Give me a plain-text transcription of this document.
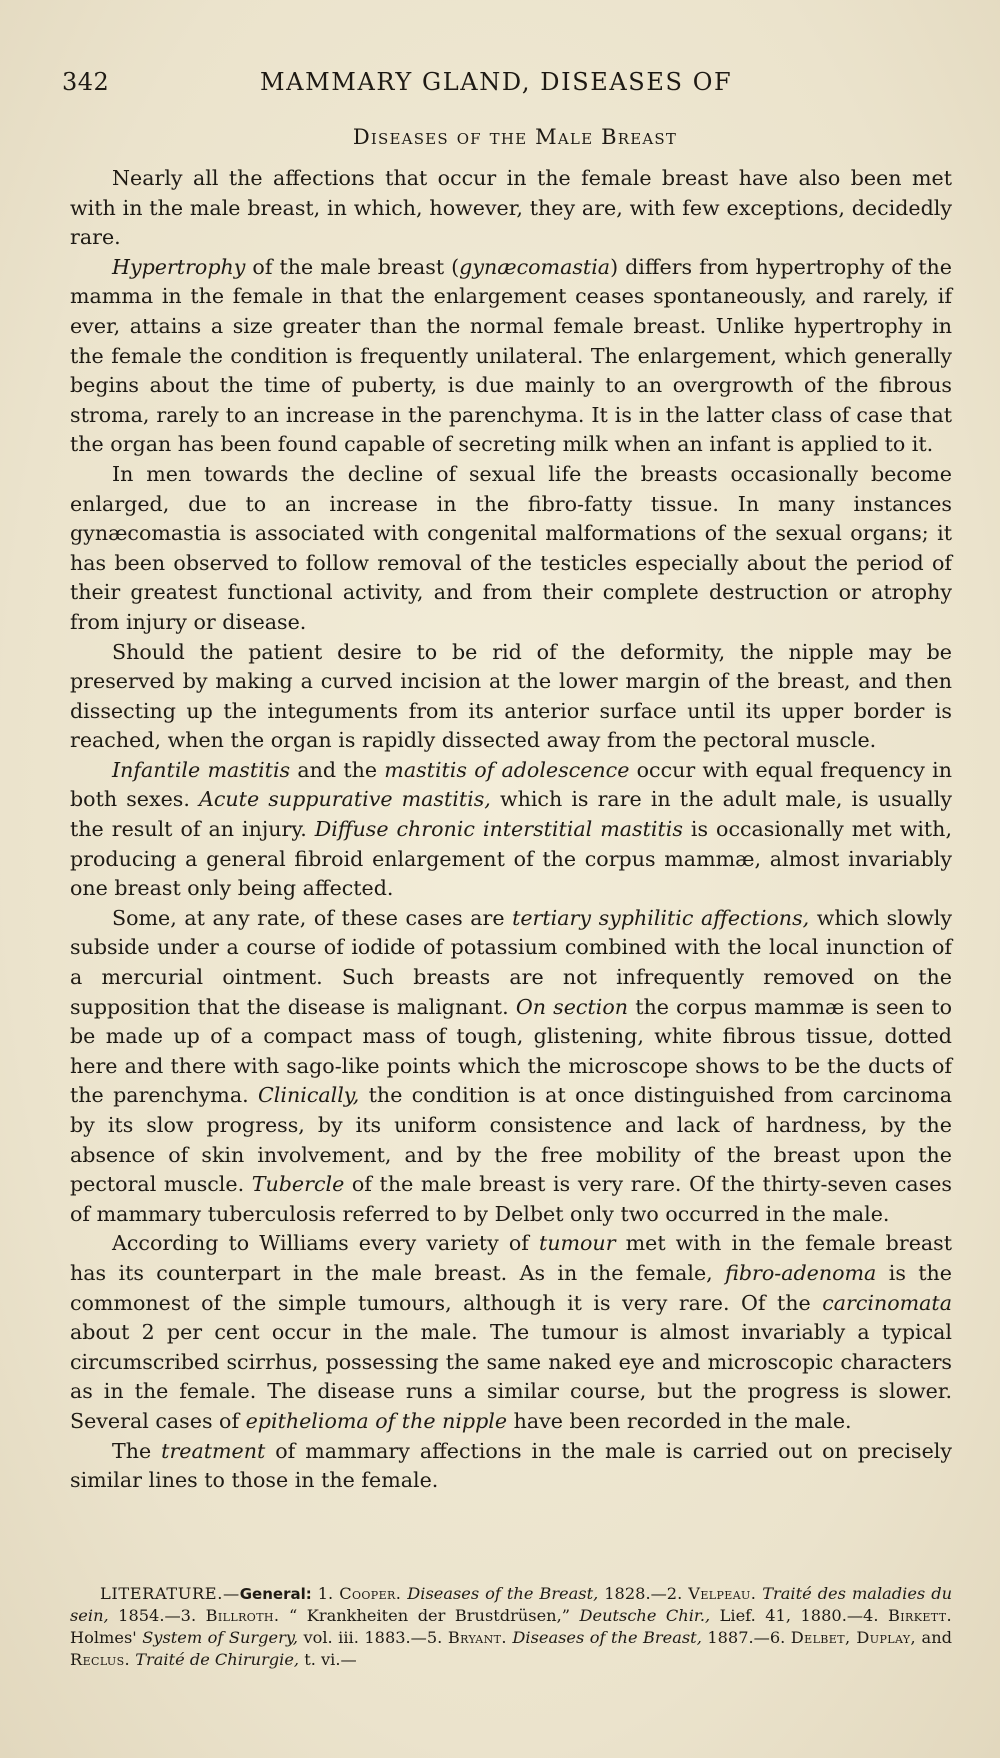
342	MAMMARY GLAND, DISEASES OF
Diseases of the Male Breast

Nearly all the affections that occur in the female breast have also been met with in the male breast, in which, however, they are, with few exceptions, decidedly rare.

Hypertrophy of the male breast (gynæcomastia) differs from hypertrophy of the mamma in the female in that the enlargement ceases spontaneously, and rarely, if ever, attains a size greater than the normal female breast. Unlike hypertrophy in the female the condition is frequently unilateral. The enlargement, which generally begins about the time of puberty, is due mainly to an overgrowth of the fibrous stroma, rarely to an increase in the parenchyma. It is in the latter class of case that the organ has been found capable of secreting milk when an infant is applied to it.

In men towards the decline of sexual life the breasts occasionally become enlarged, due to an increase in the fibro-fatty tissue. In many instances gynæcomastia is associated with congenital malformations of the sexual organs; it has been observed to follow removal of the testicles especially about the period of their greatest functional activity, and from their complete destruction or atrophy from injury or disease.

Should the patient desire to be rid of the deformity, the nipple may be preserved by making a curved incision at the lower margin of the breast, and then dissecting up the integuments from its anterior surface until its upper border is reached, when the organ is rapidly dissected away from the pectoral muscle.

Infantile mastitis and the mastitis of adolescence occur with equal frequency in both sexes. Acute suppurative mastitis, which is rare in the adult male, is usually the result of an injury. Diffuse chronic interstitial mastitis is occasionally met with, producing a general fibroid enlargement of the corpus mammæ, almost invariably one breast only being affected.

Some, at any rate, of these cases are tertiary syphilitic affections, which slowly subside under a course of iodide of potassium combined with the local inunction of a mercurial ointment. Such breasts are not infrequently removed on the supposition that the disease is malignant. On section the corpus mammæ is seen to be made up of a compact mass of tough, glistening, white fibrous tissue, dotted here and there with sago-like points which the microscope shows to be the ducts of the parenchyma. Clinically, the condition is at once distinguished from carcinoma by its slow progress, by its uniform consistence and lack of hardness, by the absence of skin involvement, and by the free mobility of the breast upon the pectoral muscle. Tubercle of the male breast is very rare. Of the thirty-seven cases of mammary tuberculosis referred to by Delbet only two occurred in the male.

According to Williams every variety of tumour met with in the female breast has its counterpart in the male breast. As in the female, fibro-adenoma is the commonest of the simple tumours, although it is very rare. Of the carcinomata about 2 per cent occur in the male. The tumour is almost invariably a typical circumscribed scirrhus, possessing the same naked eye and microscopic characters as in the female. The disease runs a similar course, but the progress is slower. Several cases of epithelioma of the nipple have been recorded in the male.

The treatment of mammary affections in the male is carried out on precisely similar lines to those in the female.

LITERATURE.—General: 1. Cooper. Diseases of the Breast, 1828.—2. Velpeau. Traité des maladies du sein, 1854.—3. Billroth. “ Krankheiten der Brustdrüsen,” Deutsche Chir., Lief. 41, 1880.—4. Birkett. Holmes' System of Surgery, vol. iii. 1883.—5. Bryant. Diseases of the Breast, 1887.—6. Delbet, Duplay, and Reclus. Traité de Chirurgie, t. vi.—
